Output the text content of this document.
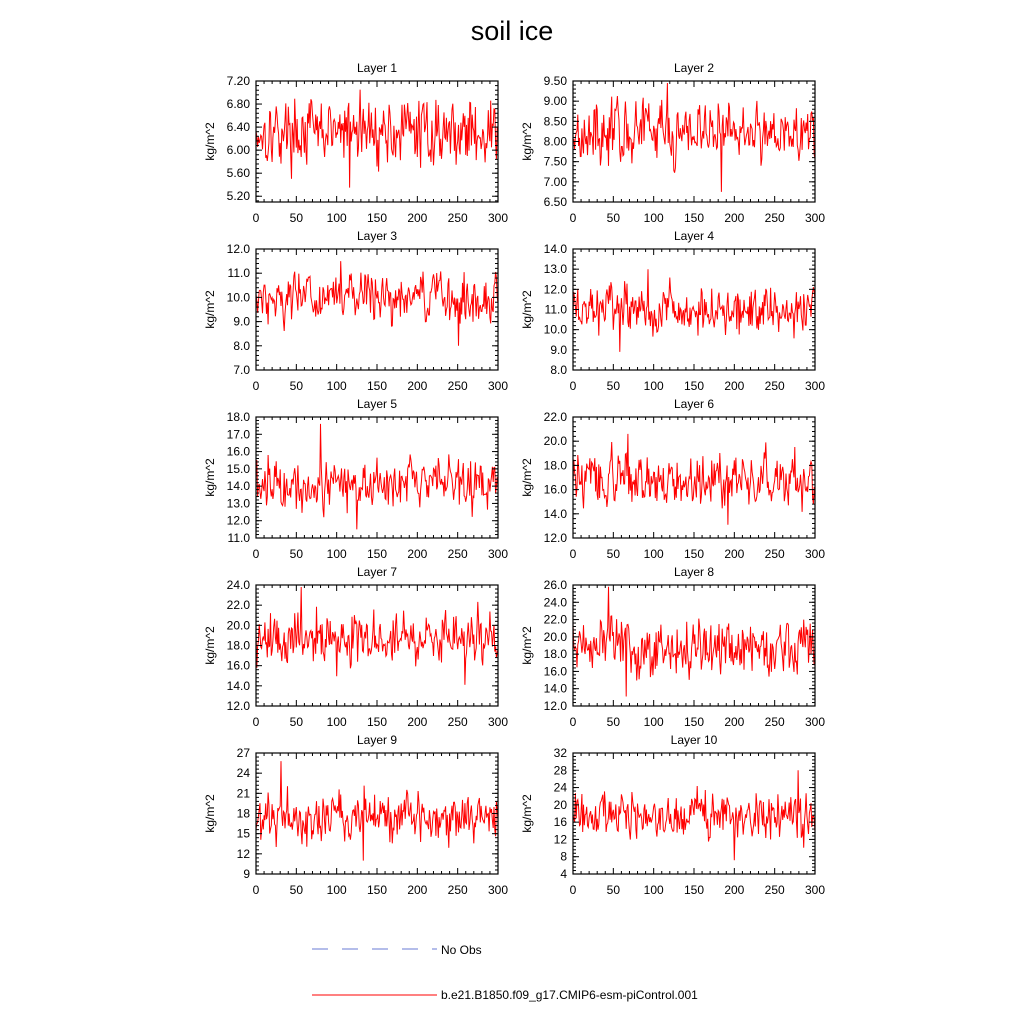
soil ice
0	50 100 150 200 250 300
5.20
5.60
6.00
6.40
6.80
7.20
Layer 1
kg/m^2
0	50 100 150 200 250 300
6.50
7.00
7.50
8.00
8.50
9.00
9.50
Layer 2
kg/m^2
0	50 100 150 200 250 300
7.0
8.0
9.0
10.0
11.0
12.0
Layer 3
kg/m^2
0	50 100 150 200 250 300
8.0
9.0
10.0
11.0
12.0
13.0
14.0
Layer 4
kg/m^2
0	50 100 150 200 250 300
11.0
12.0
13.0
14.0
15.0
16.0
17.0
18.0
Layer 5
kg/m^2
0	50 100 150 200 250 300
12.0
14.0
16.0
18.0
20.0
22.0
Layer 6
kg/m^2
0	50 100 150 200 250 300
12.0
14.0
16.0
18.0
20.0
22.0
24.0
Layer 7
kg/m^2
0	50 100 150 200 250 300
12.0
14.0
16.0
18.0
20.0
22.0
24.0
26.0
Layer 8
kg/m^2
0	50 100 150 200 250 300
9
12
15
18
21
24
27
Layer 9
kg/m^2
0	50 100 150 200 250 300
4
8
12
16
20
24
28
32
Layer 10
kg/m^2
No Obs
b.e21.B1850.f09_g17.CMIP6-esm-piControl.001
